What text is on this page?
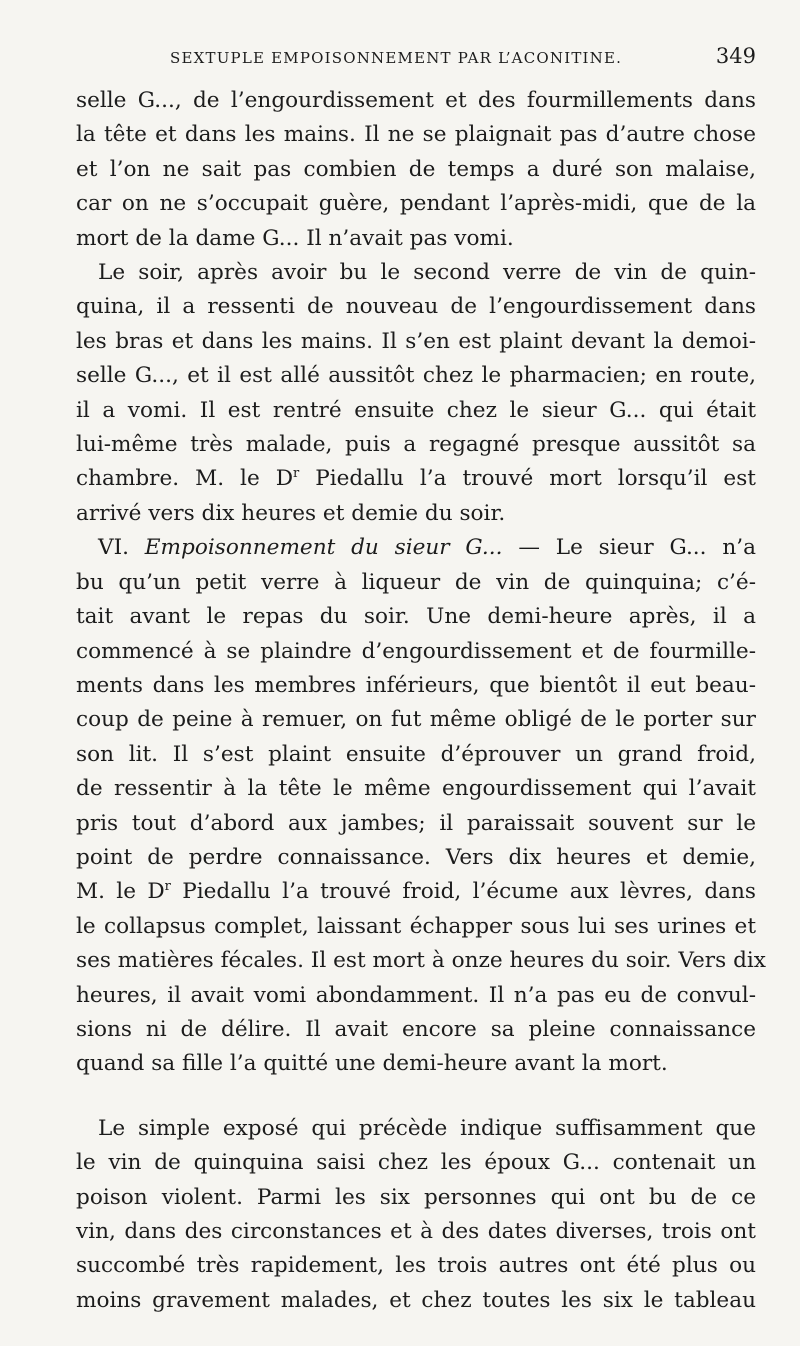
SEXTUPLE EMPOISONNEMENT PAR L’ACONITINE.	349
selle G..., de l’engourdissement et des fourmillements dans
la tête et dans les mains. Il ne se plaignait pas d’autre chose
et l’on ne sait pas combien de temps a duré son malaise,
car on ne s’occupait guère, pendant l’après-midi, que de la
mort de la dame G... Il n’avait pas vomi.
Le soir, après avoir bu le second verre de vin de quin-
quina, il a ressenti de nouveau de l’engourdissement dans
les bras et dans les mains. Il s’en est plaint devant la demoi-
selle G..., et il est allé aussitôt chez le pharmacien; en route,
il a vomi. Il est rentré ensuite chez le sieur G... qui était
lui-même très malade, puis a regagné presque aussitôt sa
chambre. M. le $D^r$ Piedallu l’a trouvé mort lorsqu’il est
arrivé vers dix heures et demie du soir.
VI. Empoisonnement du sieur G... — Le sieur G... n’a
bu qu’un petit verre à liqueur de vin de quinquina; c’é-
tait avant le repas du soir. Une demi-heure après, il a
commencé à se plaindre d’engourdissement et de fourmille-
ments dans les membres inférieurs, que bientôt il eut beau-
coup de peine à remuer, on fut même obligé de le porter sur
son lit. Il s’est plaint ensuite d’éprouver un grand froid,
de ressentir à la tête le même engourdissement qui l’avait
pris tout d’abord aux jambes; il paraissait souvent sur le
point de perdre connaissance. Vers dix heures et demie,
M. le $D^r$ Piedallu l’a trouvé froid, l’écume aux lèvres, dans
le collapsus complet, laissant échapper sous lui ses urines et
ses matières fécales. Il est mort à onze heures du soir. Vers dix
heures, il avait vomi abondamment. Il n’a pas eu de convul-
sions ni de délire. Il avait encore sa pleine connaissance
quand sa fille l’a quitté une demi-heure avant la mort.
Le simple exposé qui précède indique suffisamment que
le vin de quinquina saisi chez les époux G... contenait un
poison violent. Parmi les six personnes qui ont bu de ce
vin, dans des circonstances et à des dates diverses, trois ont
succombé très rapidement, les trois autres ont été plus ou
moins gravement malades, et chez toutes les six le tableau
